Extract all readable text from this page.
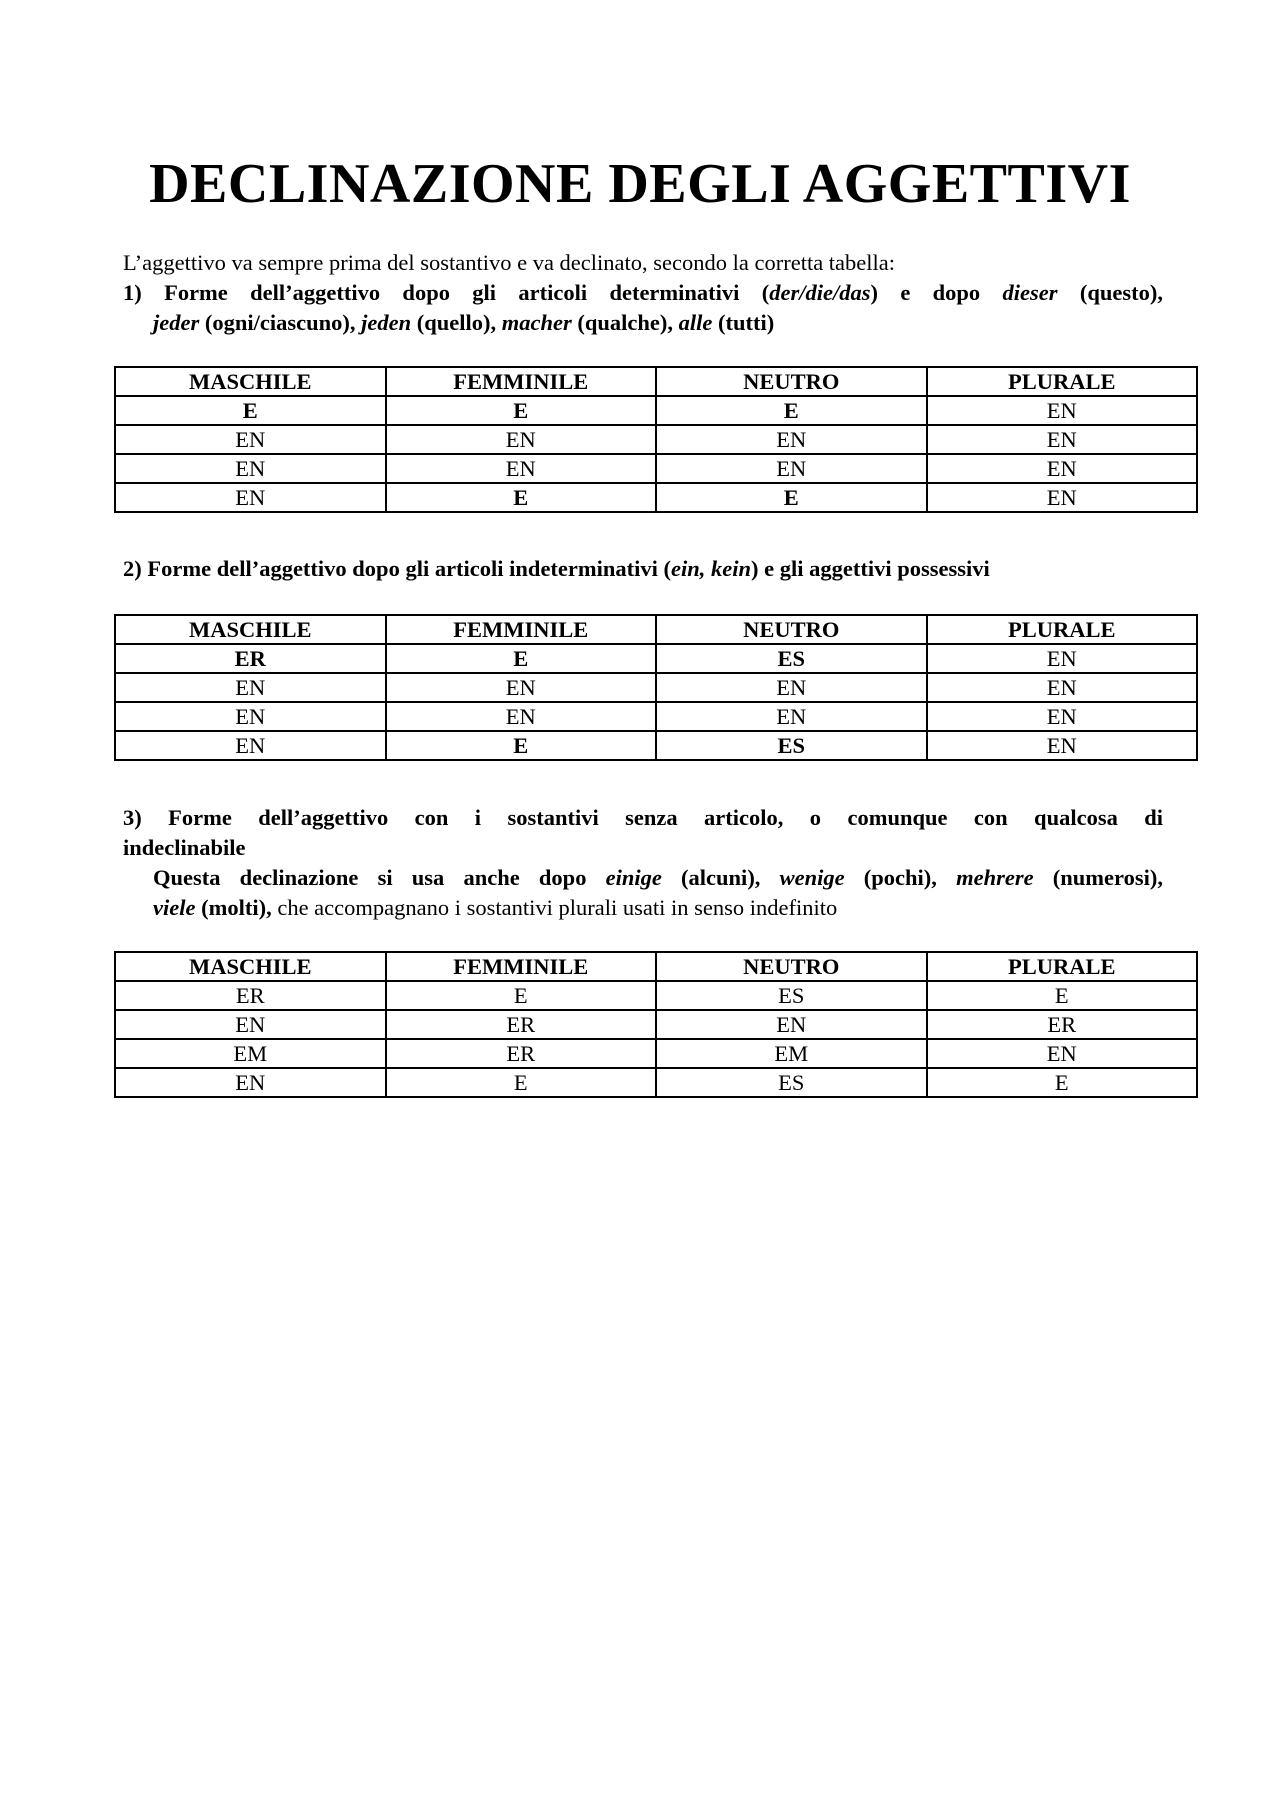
DECLINAZIONE DEGLI AGGETTIVI

L’aggettivo va sempre prima del sostantivo e va declinato, secondo la corretta tabella:

1) Forme dell’aggettivo dopo gli articoli determinativi (der/die/das) e dopo dieser (questo),
jeder (ogni/ciascuno), jeden (quello), macher (qualche), alle (tutti)
MASCHILE	FEMMINILE	NEUTRO	PLURALE
E	E	E	EN
EN	EN	EN	EN
EN	EN	EN	EN
EN	E	E	EN
2) Forme dell’aggettivo dopo gli articoli indeterminativi (ein, kein) e gli aggettivi possessivi
MASCHILE	FEMMINILE	NEUTRO	PLURALE
ER	E	ES	EN
EN	EN	EN	EN
EN	EN	EN	EN
EN	E	ES	EN
3) Forme dell’aggettivo con i sostantivi senza articolo, o comunque con qualcosa di
indeclinabile
Questa declinazione si usa anche dopo einige (alcuni), wenige (pochi), mehrere (numerosi),
viele (molti), che accompagnano i sostantivi plurali usati in senso indefinito
MASCHILE	FEMMINILE	NEUTRO	PLURALE
ER	E	ES	E
EN	ER	EN	ER
EM	ER	EM	EN
EN	E	ES	E
